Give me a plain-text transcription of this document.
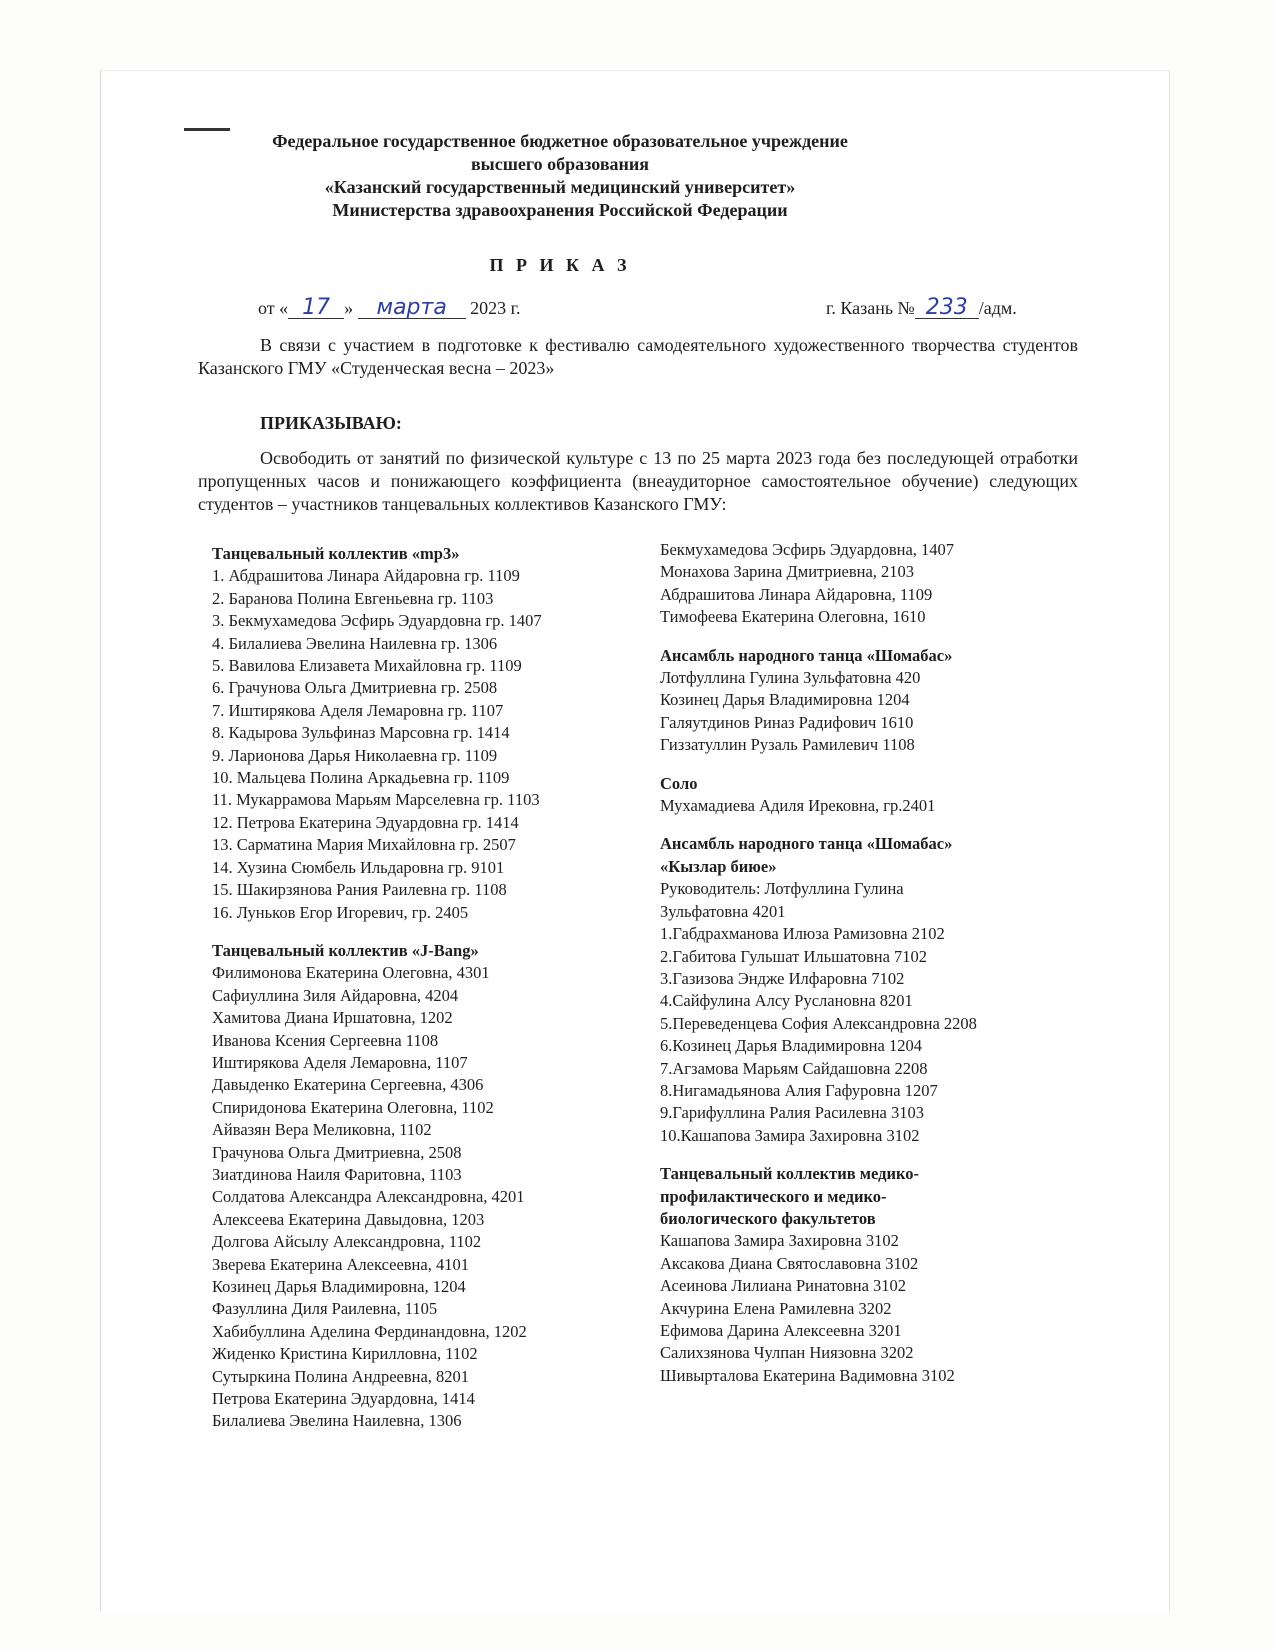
Федеральное государственное бюджетное образовательное учреждение
высшего образования
«Казанский государственный медицинский университет»
Министерства здравоохранения Российской Федерации
П Р И К А З
от « 17 » марта 2023 г.	г. Казань № 233 /адм.
В связи с участием в подготовке к фестивалю самодеятельного художественного творчества студентов Казанского ГМУ «Студенческая весна – 2023»
ПРИКАЗЫВАЮ:
Освободить от занятий по физической культуре с 13 по 25 марта 2023 года без последующей отработки пропущенных часов и понижающего коэффициента (внеаудиторное самостоятельное обучение) следующих студентов – участников танцевальных коллективов Казанского ГМУ:
Танцевальный коллектив «mp3»
1. Абдрашитова Линара Айдаровна гр. 1109
2. Баранова Полина Евгеньевна гр. 1103
3. Бекмухамедова Эсфирь Эдуардовна гр. 1407
4. Билалиева Эвелина Наилевна гр. 1306
5. Вавилова Елизавета Михайловна гр. 1109
6. Грачунова Ольга Дмитриевна гр. 2508
7. Иштирякова Аделя Лемаровна гр. 1107
8. Кадырова Зульфиназ Марсовна гр. 1414
9. Ларионова Дарья Николаевна гр. 1109
10. Мальцева Полина Аркадьевна гр. 1109
11. Мукаррамова Марьям Марселевна гр. 1103
12. Петрова Екатерина Эдуардовна гр. 1414
13. Сарматина Мария Михайловна гр. 2507
14. Хузина Сюмбель Ильдаровна гр. 9101
15. Шакирзянова Рания Раилевна гр. 1108
16. Луньков Егор Игоревич, гр. 2405
Танцевальный коллектив «J-Bang»
Филимонова Екатерина Олеговна, 4301
Сафиуллина Зиля Айдаровна, 4204
Хамитова Диана Иршатовна, 1202
Иванова Ксения Сергеевна 1108
Иштирякова Аделя Лемаровна, 1107
Давыденко Екатерина Сергеевна, 4306
Спиридонова Екатерина Олеговна, 1102
Айвазян Вера Меликовна, 1102
Грачунова Ольга Дмитриевна, 2508
Зиатдинова Наиля Фаритовна, 1103
Солдатова Александра Александровна, 4201
Алексеева Екатерина Давыдовна, 1203
Долгова Айсылу Александровна, 1102
Зверева Екатерина Алексеевна, 4101
Козинец Дарья Владимировна, 1204
Фазуллина Диля Раилевна, 1105
Хабибуллина Аделина Фердинандовна, 1202
Жиденко Кристина Кирилловна, 1102
Сутыркина Полина Андреевна, 8201
Петрова Екатерина Эдуардовна, 1414
Билалиева Эвелина Наилевна, 1306
Бекмухамедова Эсфирь Эдуардовна, 1407
Монахова Зарина Дмитриевна, 2103
Абдрашитова Линара Айдаровна, 1109
Тимофеева Екатерина Олеговна, 1610
Ансамбль народного танца «Шомабас»
Лотфуллина Гулина Зульфатовна 420
Козинец Дарья Владимировна 1204
Галяутдинов Риназ Радифович 1610
Гиззатуллин Рузаль Рамилевич 1108
Соло
Мухамадиева Адиля Ирековна, гр.2401
Ансамбль народного танца «Шомабас»
«Кызлар биюе»
Руководитель: Лотфуллина Гулина
Зульфатовна 4201
1.Габдрахманова Илюза Рамизовна 2102
2.Габитова Гульшат Ильшатовна 7102
3.Газизова Эндже Илфаровна 7102
4.Сайфулина Алсу Руслановна 8201
5.Переведенцева София Александровна 2208
6.Козинец Дарья Владимировна 1204
7.Агзамова Марьям Сайдашовна 2208
8.Нигамадьянова Алия Гафуровна 1207
9.Гарифуллина Ралия Расилевна 3103
10.Кашапова Замира Захировна 3102
Танцевальный коллектив медико-
профилактического и медико-
биологического факультетов
Кашапова Замира Захировна 3102
Аксакова Диана Святославовна 3102
Асеинова Лилиана Ринатовна 3102
Акчурина Елена Рамилевна 3202
Ефимова Дарина Алексеевна 3201
Салихзянова Чулпан Ниязовна 3202
Шивырталова Екатерина Вадимовна 3102
